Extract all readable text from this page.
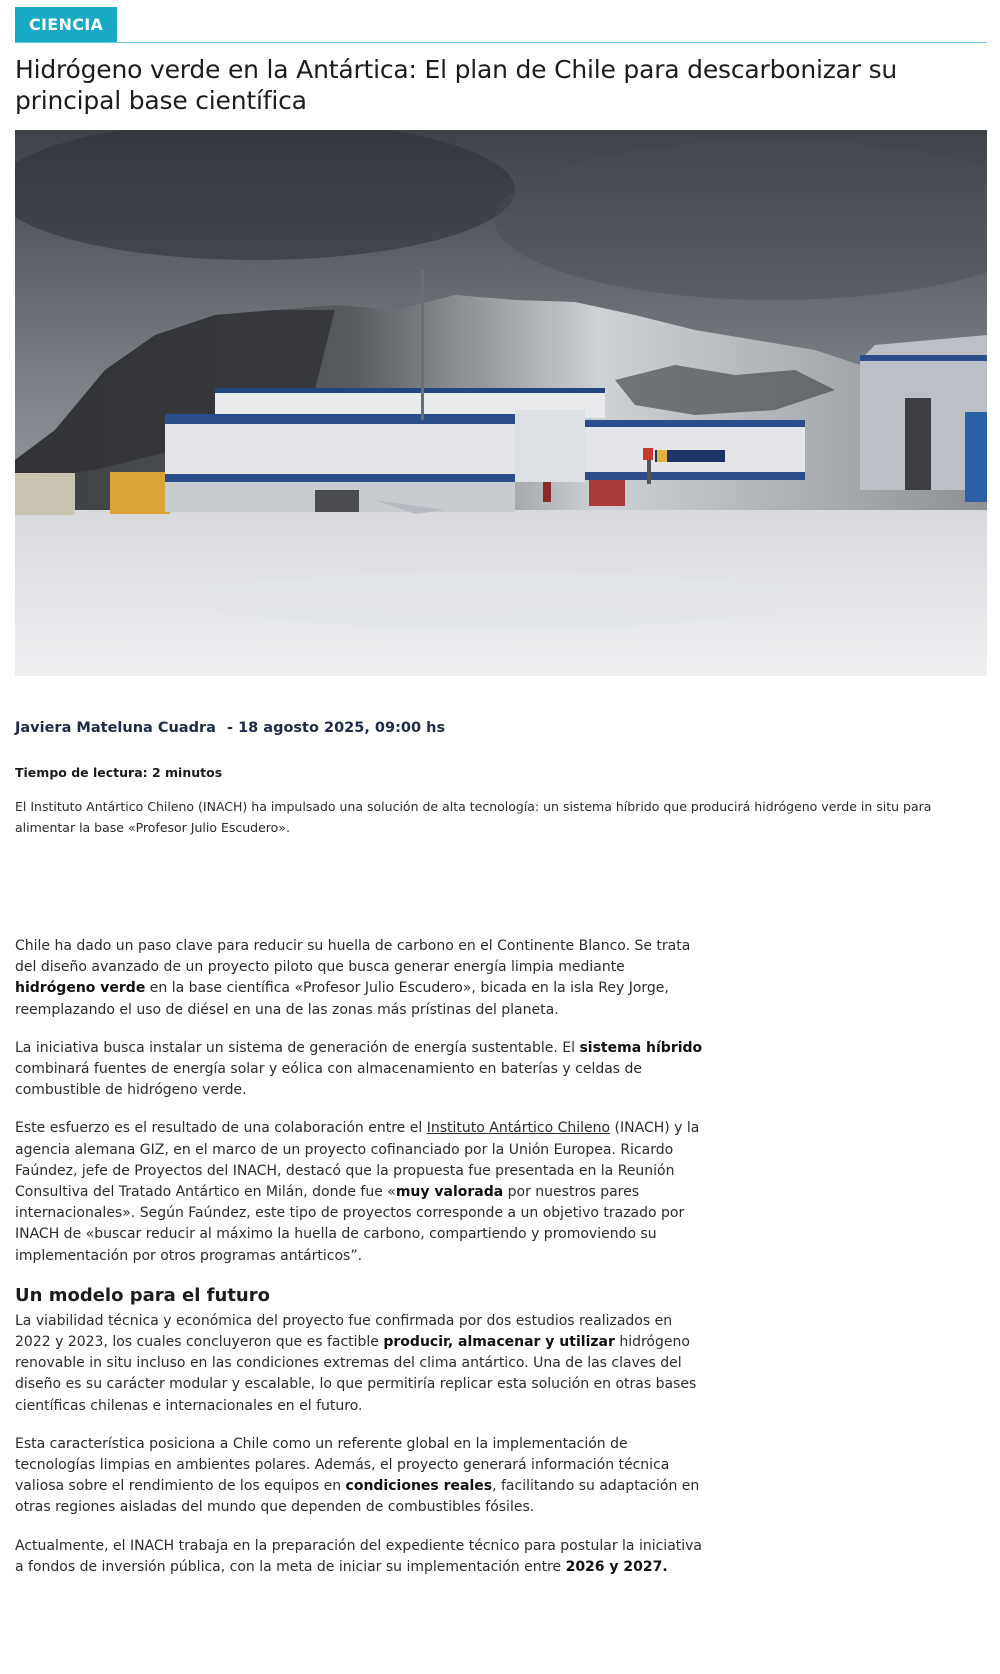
CIENCIA
Hidrógeno verde en la Antártica: El plan de Chile para descarbonizar su principal base científica
Javiera Mateluna Cuadra - 18 agosto 2025, 09:00 hs
Tiempo de lectura: 2 minutos

El Instituto Antártico Chileno (INACH) ha impulsado una solución de alta tecnología: un sistema híbrido que producirá hidrógeno verde in situ para alimentar la base «Profesor Julio Escudero».

Chile ha dado un paso clave para reducir su huella de carbono en el Continente Blanco. Se trata del diseño avanzado de un proyecto piloto que busca generar energía limpia mediante hidrógeno verde en la base científica «Profesor Julio Escudero», bicada en la isla Rey Jorge, reemplazando el uso de diésel en una de las zonas más prístinas del planeta.

La iniciativa busca instalar un sistema de generación de energía sustentable. El sistema híbrido combinará fuentes de energía solar y eólica con almacenamiento en baterías y celdas de combustible de hidrógeno verde.

Este esfuerzo es el resultado de una colaboración entre el Instituto Antártico Chileno (INACH) y la agencia alemana GIZ, en el marco de un proyecto cofinanciado por la Unión Europea. Ricardo Faúndez, jefe de Proyectos del INACH, destacó que la propuesta fue presentada en la Reunión Consultiva del Tratado Antártico en Milán, donde fue «muy valorada por nuestros pares internacionales». Según Faúndez, este tipo de proyectos corresponde a un objetivo trazado por INACH de «buscar reducir al máximo la huella de carbono, compartiendo y promoviendo su implementación por otros programas antárticos”.

Un modelo para el futuro

La viabilidad técnica y económica del proyecto fue confirmada por dos estudios realizados en 2022 y 2023, los cuales concluyeron que es factible producir, almacenar y utilizar hidrógeno renovable in situ incluso en las condiciones extremas del clima antártico. Una de las claves del diseño es su carácter modular y escalable, lo que permitiría replicar esta solución en otras bases científicas chilenas e internacionales en el futuro.

Esta característica posiciona a Chile como un referente global en la implementación de tecnologías limpias en ambientes polares. Además, el proyecto generará información técnica valiosa sobre el rendimiento de los equipos en condiciones reales, facilitando su adaptación en otras regiones aisladas del mundo que dependen de combustibles fósiles.

Actualmente, el INACH trabaja en la preparación del expediente técnico para postular la iniciativa a fondos de inversión pública, con la meta de iniciar su implementación entre 2026 y 2027.
